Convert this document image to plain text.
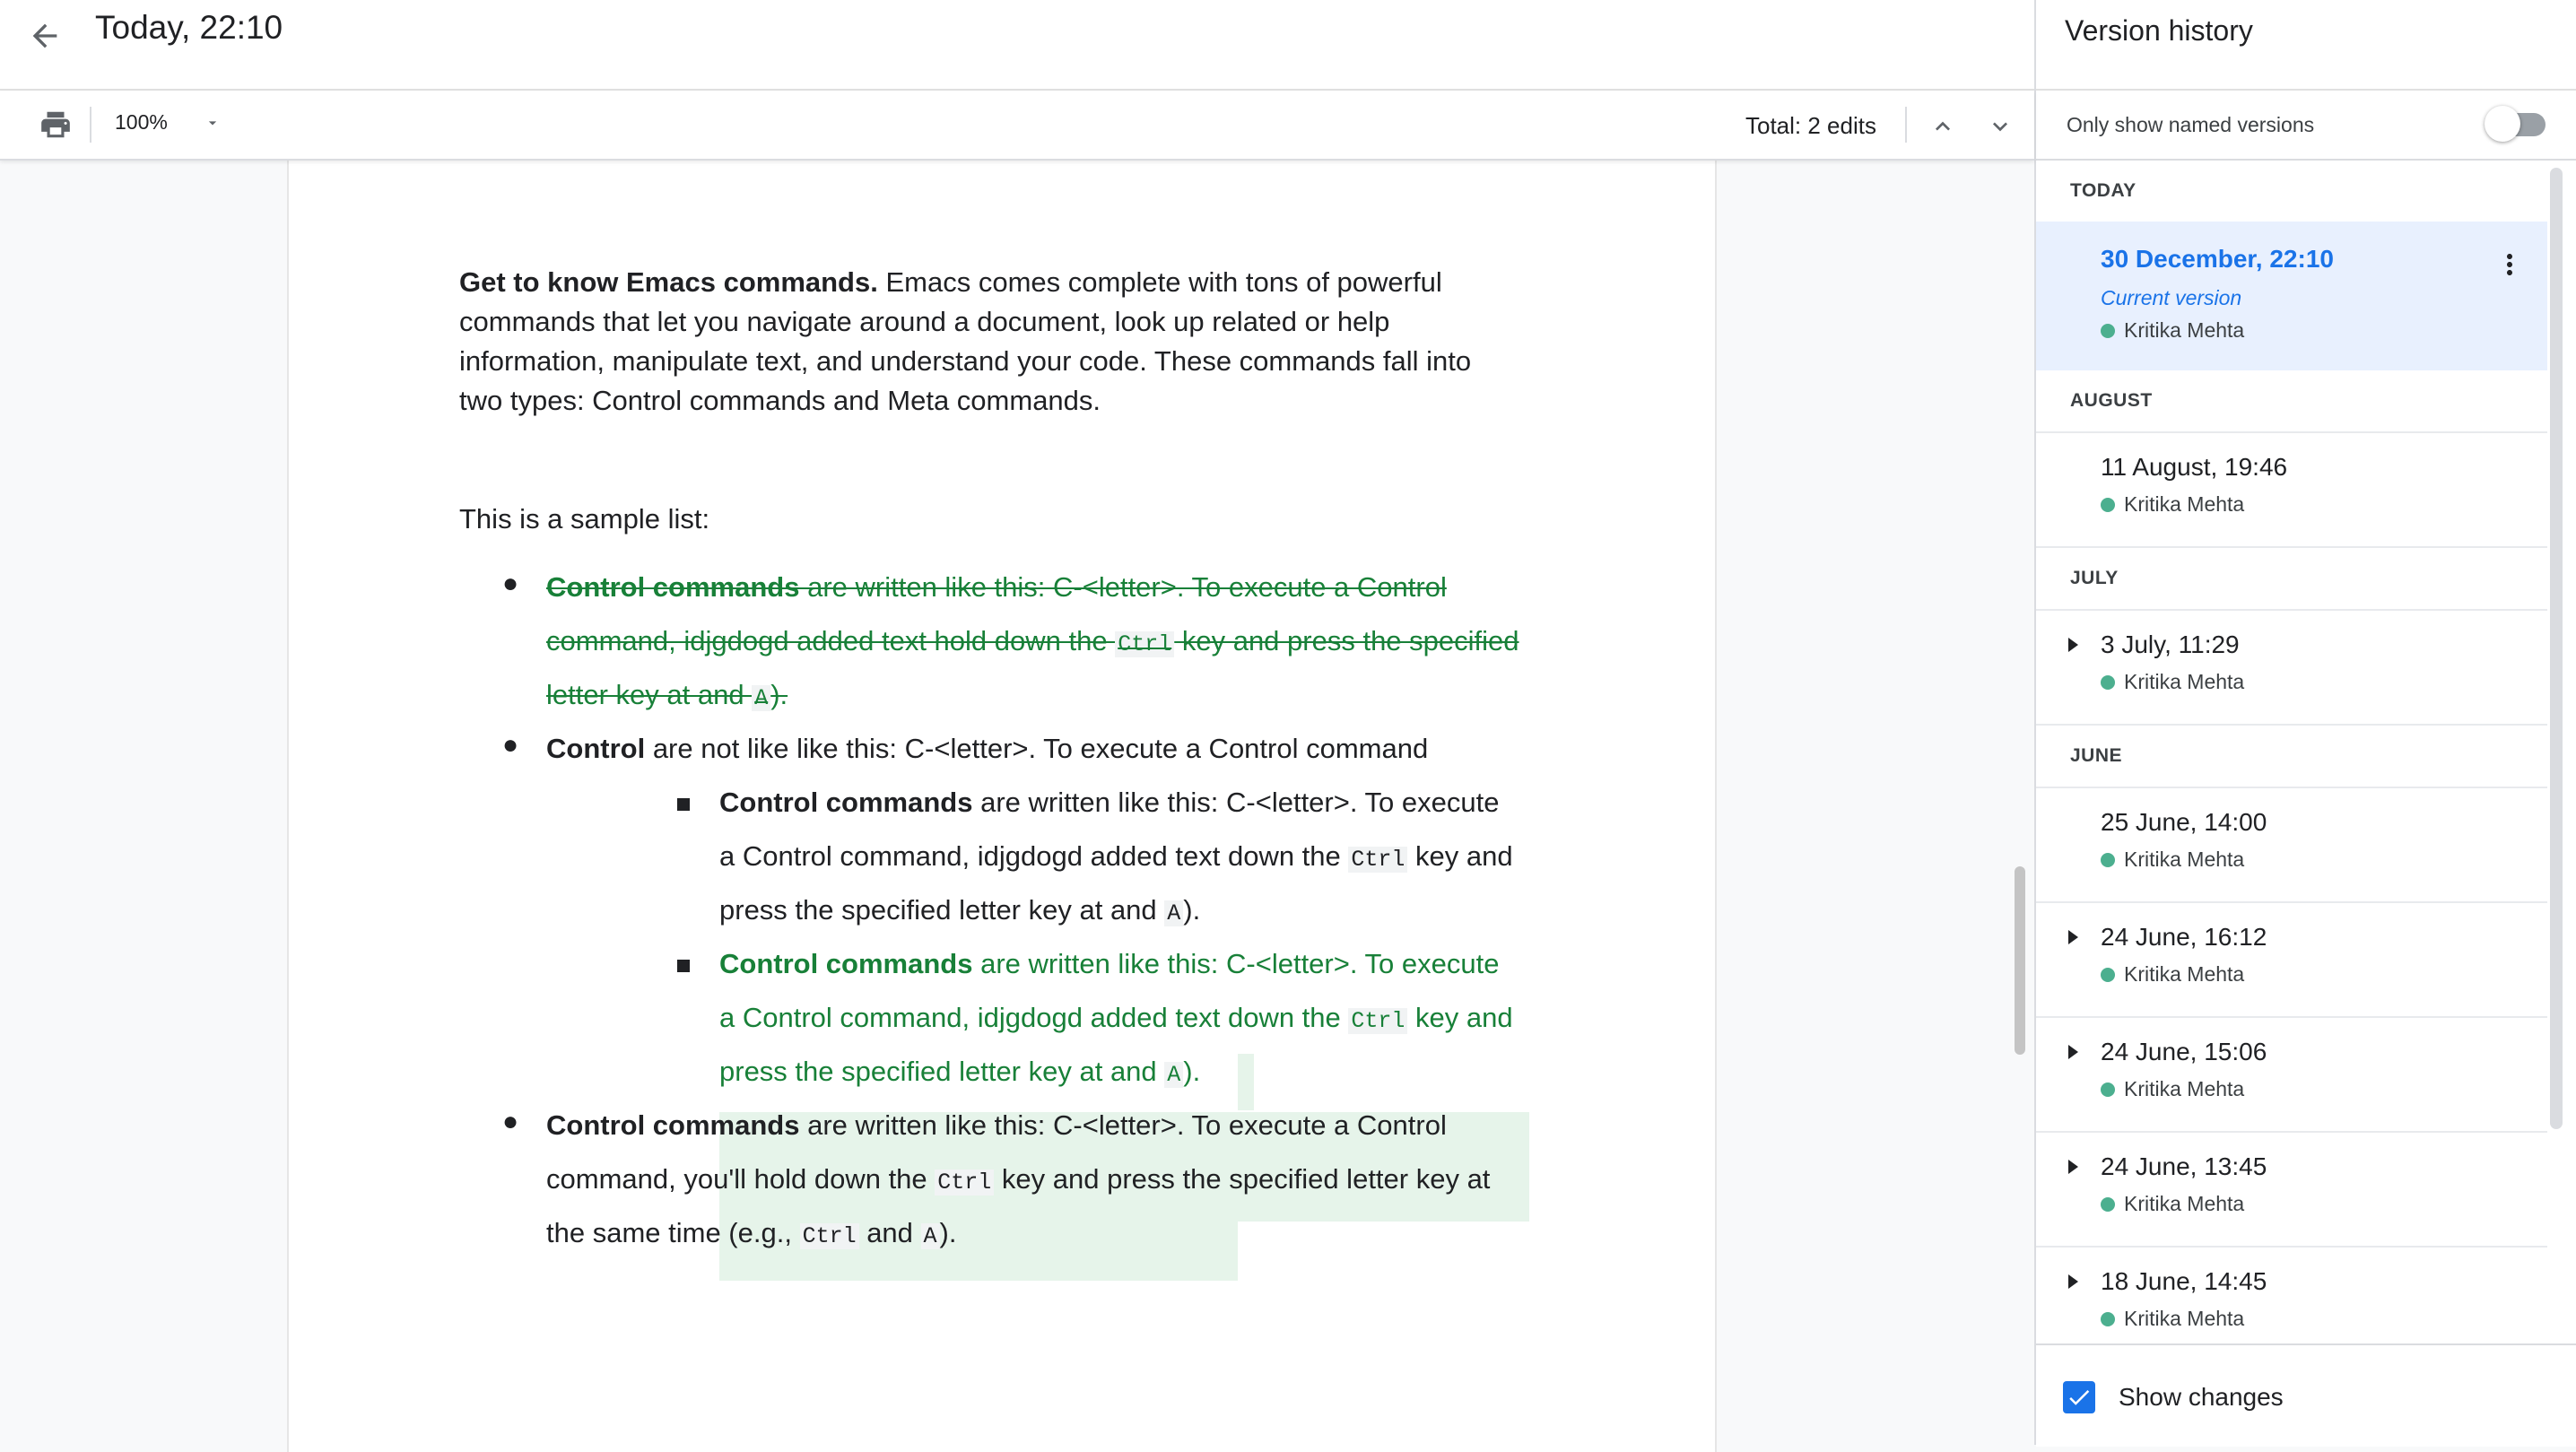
Today, 22:10
100%	Total: 2 edits

Get to know Emacs commands. Emacs comes complete with tons of powerful

commands that let you navigate around a document, look up related or help

information, manipulate text, and understand your code. These commands fall into

two types: Control commands and Meta commands.

This is a sample list:

● Control commands are written like this: C-<letter>. To execute a Control

command, idjgdogd added text hold down the Ctrl key and press the specified

letter key at and A).

● Control are not like like this: C-<letter>. To execute a Control command

Control commands are written like this: C-<letter>. To execute

a Control command, idjgdogd added text down the Ctrl key and

press the specified letter key at and A).

Control commands are written like this: C-<letter>. To execute

a Control command, idjgdogd added text down the Ctrl key and

press the specified letter key at and A).

● Control commands are written like this: C-<letter>. To execute a Control

command, you'll hold down the Ctrl key and press the specified letter key at

the same time (e.g., Ctrl and A).

Version history
Only show named versions
TODAY
30 December, 22:10
Current version
Kritika Mehta
AUGUST
11 August, 19:46
Kritika Mehta
JULY
3 July, 11:29
Kritika Mehta
JUNE
25 June, 14:00
Kritika Mehta
24 June, 16:12
Kritika Mehta
24 June, 15:06
Kritika Mehta
24 June, 13:45
Kritika Mehta
18 June, 14:45
Kritika Mehta
Show changes
